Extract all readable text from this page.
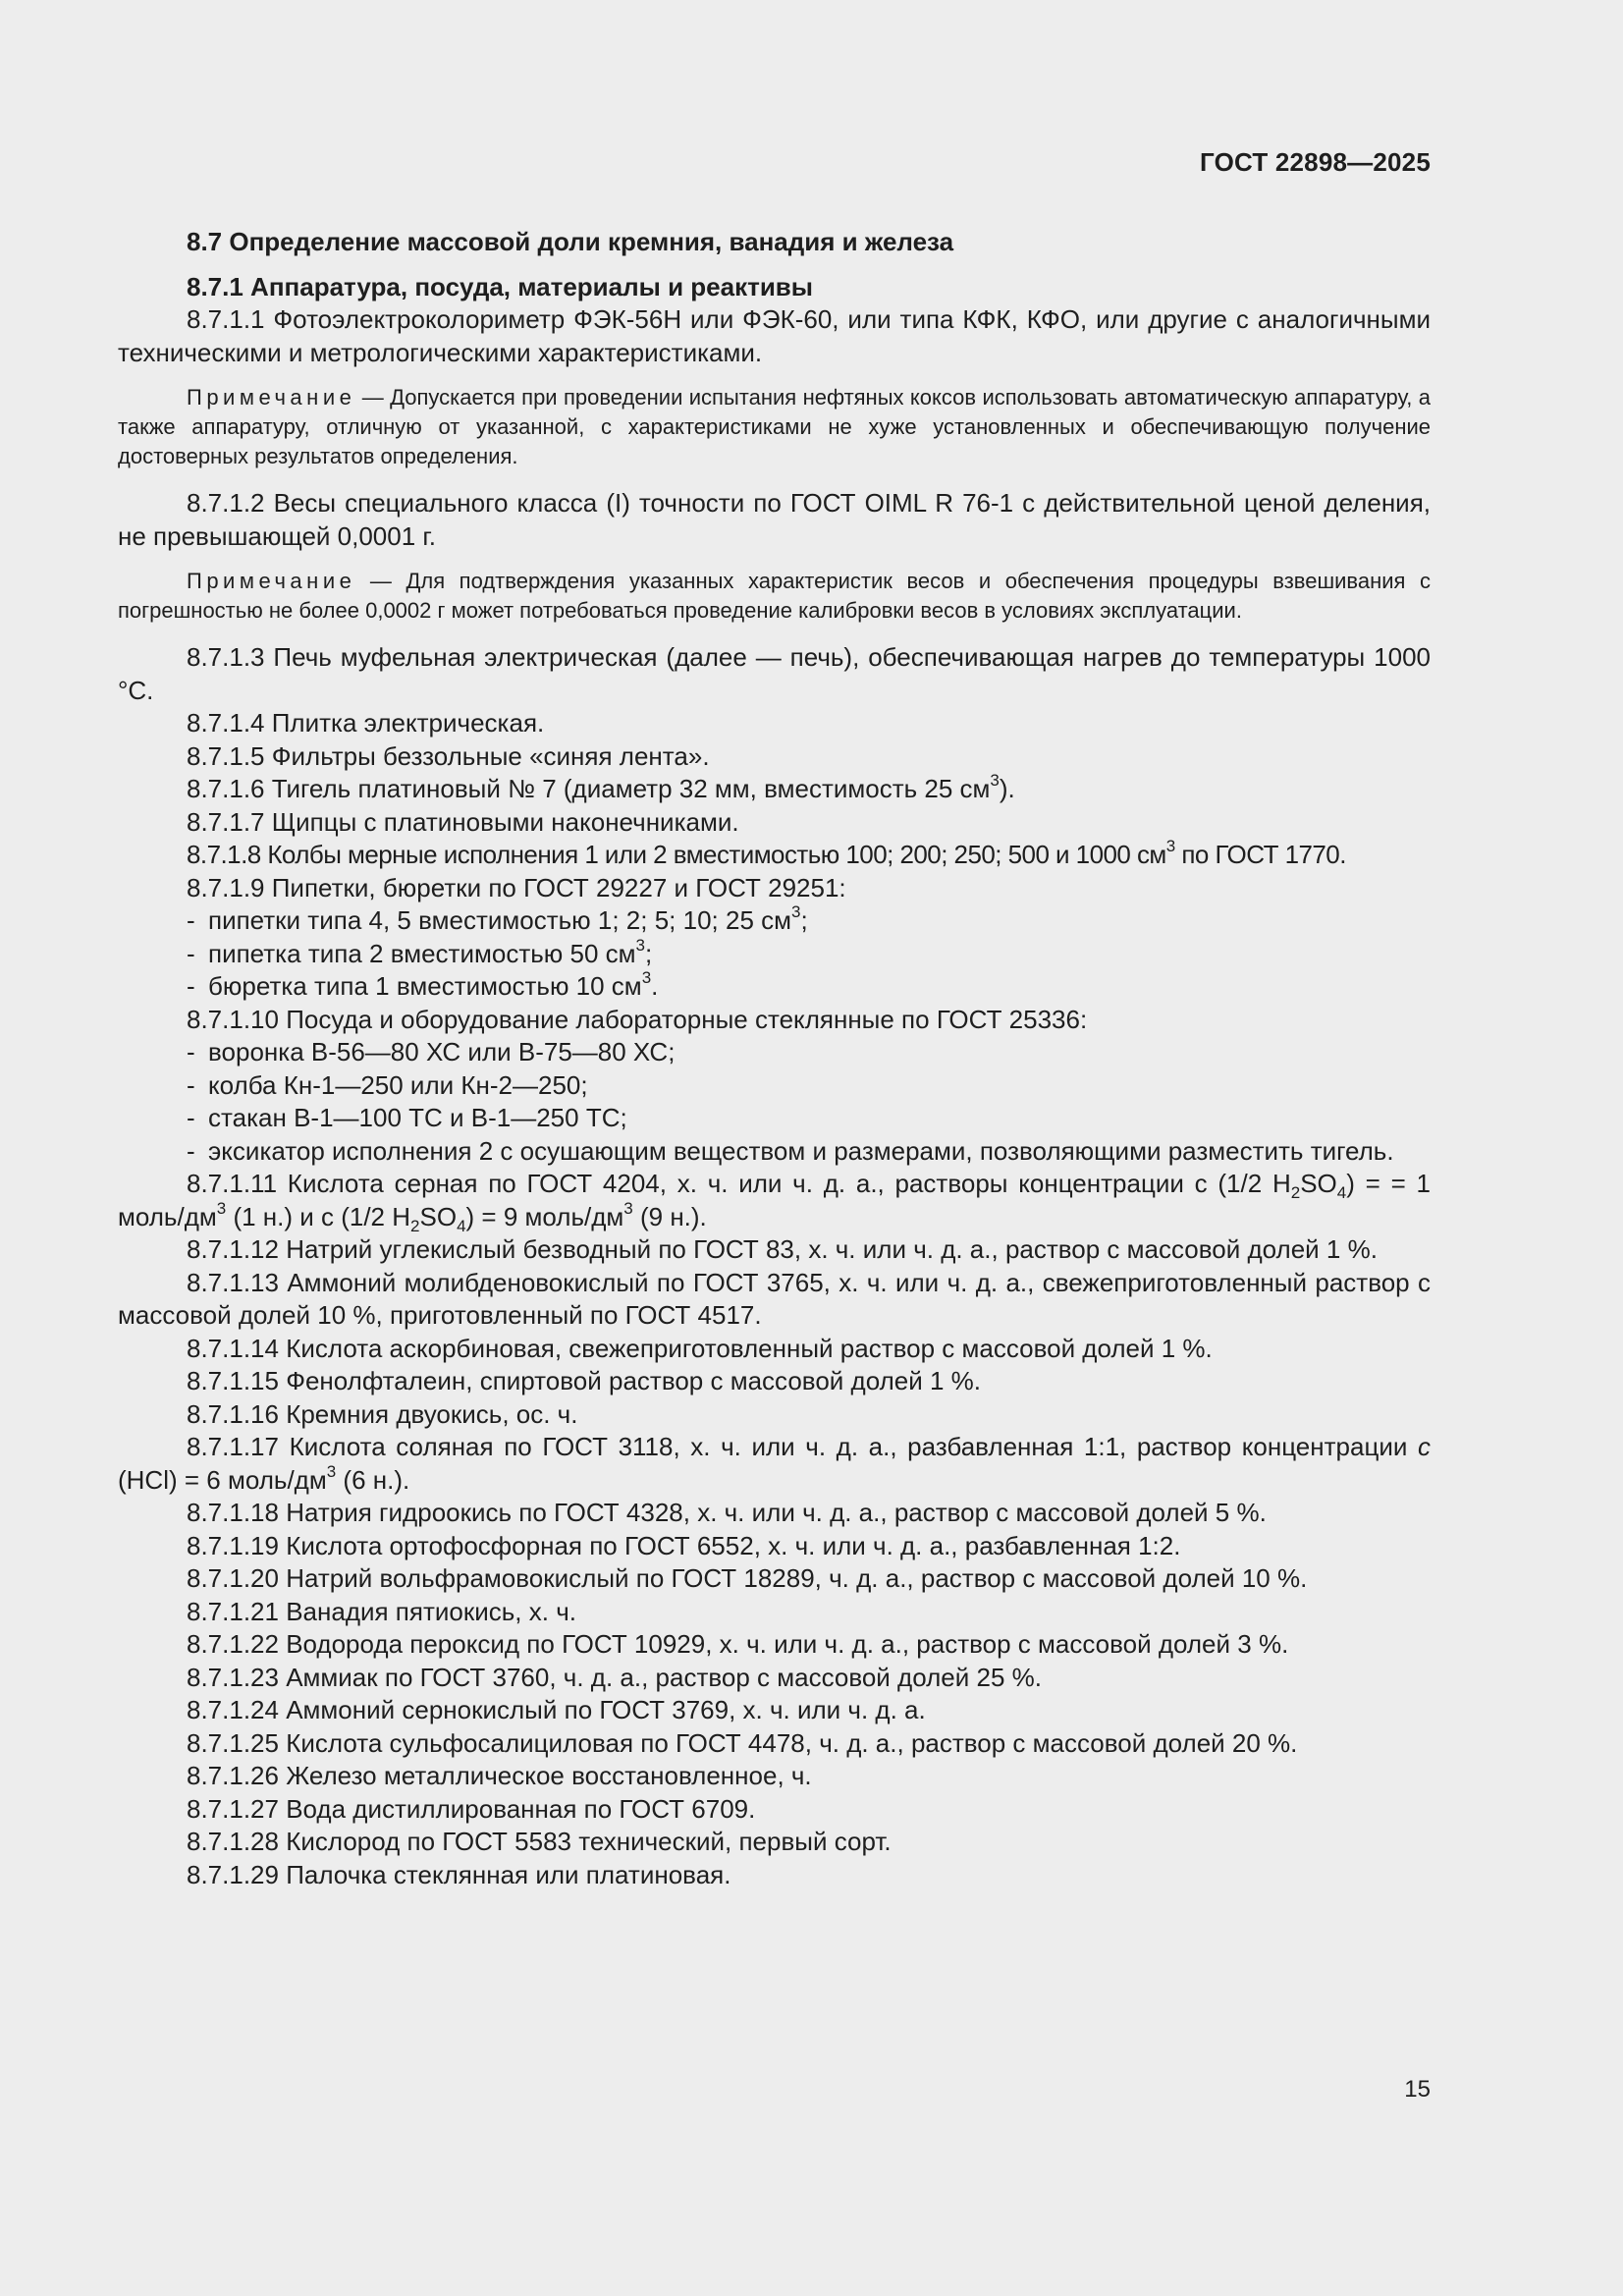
ГОСТ 22898—2025

8.7 Определение массовой доли кремния, ванадия и железа

8.7.1 Аппаратура, посуда, материалы и реактивы

8.7.1.1 Фотоэлектроколориметр ФЭК-56Н или ФЭК-60, или типа КФК, КФО, или другие с аналогичными техническими и метрологическими характеристиками.

Примечание — Допускается при проведении испытания нефтяных коксов использовать автоматическую аппаратуру, а также аппаратуру, отличную от указанной, с характеристиками не хуже установленных и обеспечивающую получение достоверных результатов определения.

8.7.1.2 Весы специального класса (I) точности по ГОСТ OIML R 76-1 с действительной ценой деления, не превышающей 0,0001 г.

Примечание — Для подтверждения указанных характеристик весов и обеспечения процедуры взвешивания с погрешностью не более 0,0002 г может потребоваться проведение калибровки весов в условиях эксплуатации.

8.7.1.3 Печь муфельная электрическая (далее — печь), обеспечивающая нагрев до температуры 1000 °С.

8.7.1.4 Плитка электрическая.

8.7.1.5 Фильтры беззольные «синяя лента».

8.7.1.6 Тигель платиновый № 7 (диаметр 32 мм, вместимость 25 $см^3$).

8.7.1.7 Щипцы с платиновыми наконечниками.

8.7.1.8 Колбы мерные исполнения 1 или 2 вместимостью 100; 200; 250; 500 и 1000 $см^3$ по ГОСТ 1770.

8.7.1.9 Пипетки, бюретки по ГОСТ 29227 и ГОСТ 29251:

- пипетки типа 4, 5 вместимостью 1; 2; 5; 10; 25 $см^3$;

- пипетка типа 2 вместимостью 50 $см^3$;

- бюретка типа 1 вместимостью 10 $см^3$.

8.7.1.10 Посуда и оборудование лабораторные стеклянные по ГОСТ 25336:

- воронка В-56—80 ХС или В-75—80 ХС;

- колба Кн-1—250 или Кн-2—250;

- стакан В-1—100 ТС и В-1—250 ТС;

- эксикатор исполнения 2 с осушающим веществом и размерами, позволяющими разместить тигель.

8.7.1.11 Кислота серная по ГОСТ 4204, х. ч. или ч. д. а., растворы концентрации с (1/2 $H_2SO_4$) = = 1 моль/$дм^3$ (1 н.) и с (1/2 $H_2SO_4) = 9$ моль/$дм^3$ (9 н.).

8.7.1.12 Натрий углекислый безводный по ГОСТ 83, х. ч. или ч. д. а., раствор с массовой долей 1 %.

8.7.1.13 Аммоний молибденовокислый по ГОСТ 3765, х. ч. или ч. д. а., свежеприготовленный раствор с массовой долей 10 %, приготовленный по ГОСТ 4517.

8.7.1.14 Кислота аскорбиновая, свежеприготовленный раствор с массовой долей 1 %.

8.7.1.15 Фенолфталеин, спиртовой раствор с массовой долей 1 %.

8.7.1.16 Кремния двуокись, ос. ч.

8.7.1.17 Кислота соляная по ГОСТ 3118, х. ч. или ч. д. а., разбавленная 1:1, раствор концентрации с (HCl) = 6 моль/$дм^3$ (6 н.).

8.7.1.18 Натрия гидроокись по ГОСТ 4328, х. ч. или ч. д. а., раствор с массовой долей 5 %.

8.7.1.19 Кислота ортофосфорная по ГОСТ 6552, х. ч. или ч. д. а., разбавленная 1:2.

8.7.1.20 Натрий вольфрамовокислый по ГОСТ 18289, ч. д. а., раствор с массовой долей 10 %.

8.7.1.21 Ванадия пятиокись, х. ч.

8.7.1.22 Водорода пероксид по ГОСТ 10929, х. ч. или ч. д. а., раствор с массовой долей 3 %.

8.7.1.23 Аммиак по ГОСТ 3760, ч. д. а., раствор с массовой долей 25 %.

8.7.1.24 Аммоний сернокислый по ГОСТ 3769, х. ч. или ч. д. а.

8.7.1.25 Кислота сульфосалициловая по ГОСТ 4478, ч. д. а., раствор с массовой долей 20 %.

8.7.1.26 Железо металлическое восстановленное, ч.

8.7.1.27 Вода дистиллированная по ГОСТ 6709.

8.7.1.28 Кислород по ГОСТ 5583 технический, первый сорт.

8.7.1.29 Палочка стеклянная или платиновая.

15
